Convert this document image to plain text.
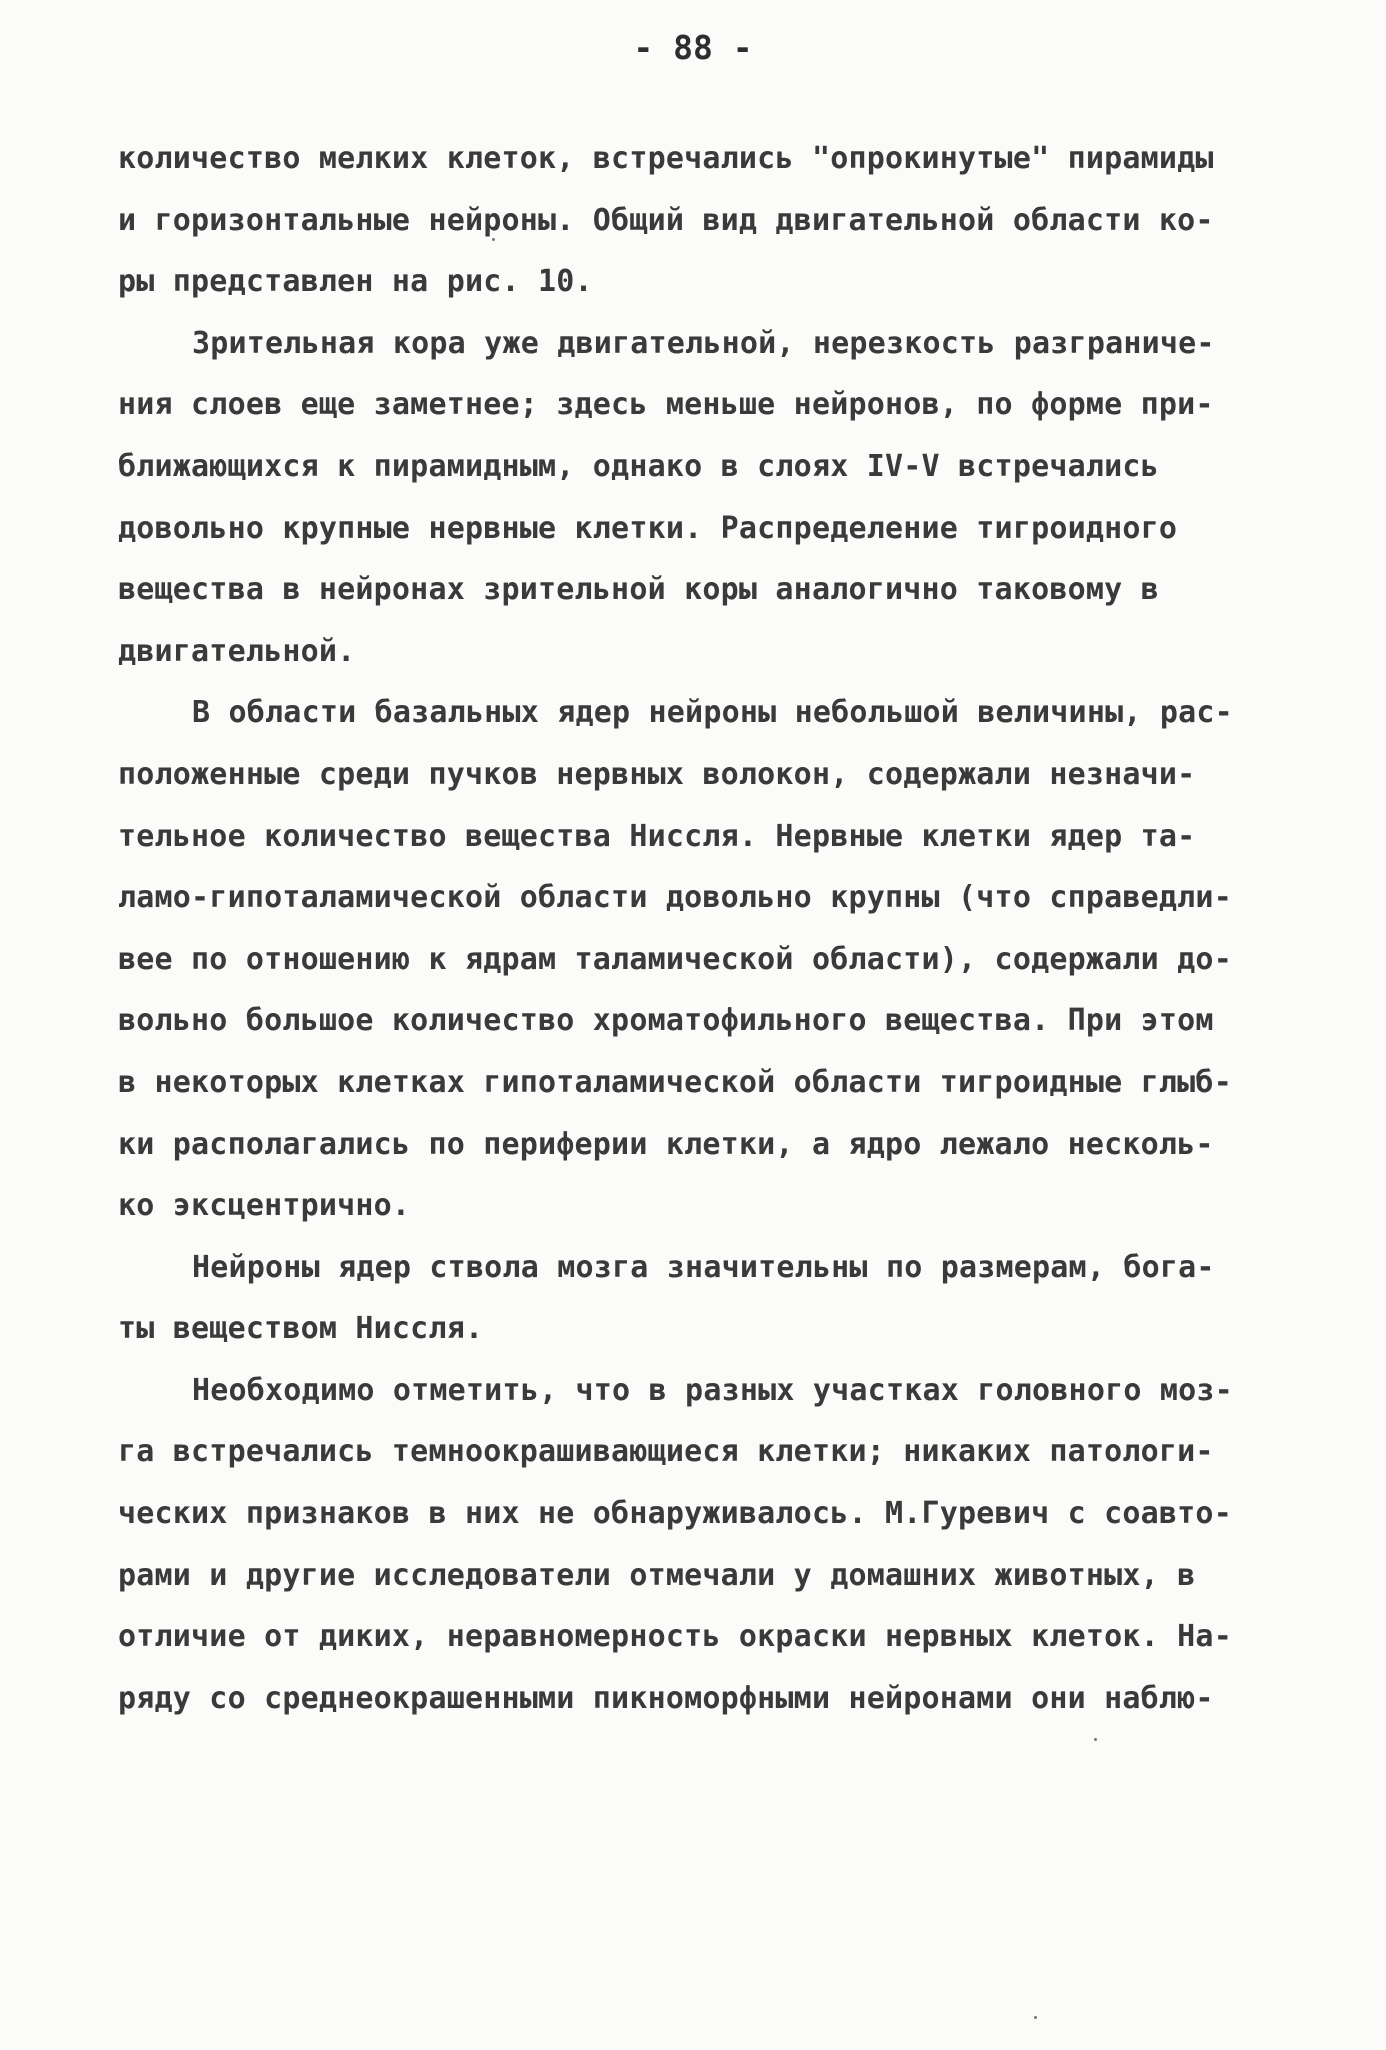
- 88 -
количество мелких клеток, встречались "опрокинутые" пирамиды
и горизонтальные нейроны. Общий вид двигательной области ко-
ры представлен на рис. 10.
Зрительная кора уже двигательной, нерезкость разграниче-
ния слоев еще заметнее; здесь меньше нейронов, по форме при-
ближающихся к пирамидным, однако в слоях IV-V встречались
довольно крупные нервные клетки. Распределение тигроидного
вещества в нейронах зрительной коры аналогично таковому в
двигательной.
В области базальных ядер нейроны небольшой величины, рас-
положенные среди пучков нервных волокон, содержали незначи-
тельное количество вещества Ниссля. Нервные клетки ядер та-
ламо-гипоталамической области довольно крупны (что справедли-
вее по отношению к ядрам таламической области), содержали до-
вольно большое количество хроматофильного вещества. При этом
в некоторых клетках гипоталамической области тигроидные глыб-
ки располагались по периферии клетки, а ядро лежало несколь-
ко эксцентрично.
Нейроны ядер ствола мозга значительны по размерам, бога-
ты веществом Ниссля.
Необходимо отметить, что в разных участках головного моз-
га встречались темноокрашивающиеся клетки; никаких патологи-
ческих признаков в них не обнаруживалось. М.Гуревич с соавто-
рами и другие исследователи отмечали у домашних животных, в
отличие от диких, неравномерность окраски нервных клеток. На-
ряду со среднеокрашенными пикноморфными нейронами они наблю-
